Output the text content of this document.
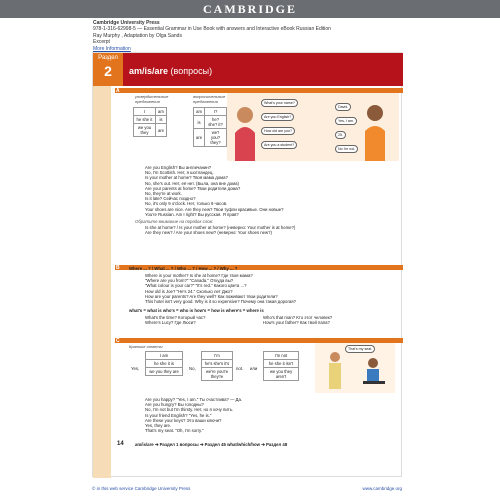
CAMBRIDGE
Cambridge University Press
978-1-316-62998-5 — Essential Grammar in Use Book with answers and Interactive eBook Russian Edition
Ray Murphy , Adaptation by Olga Sands
Excerpt
More Information
Раздел
2	am/is/are (вопросы)
A
утвердительные предложения
вопросительные предложения
I	am
he she it	is
we you they	are
am	I?
is	he? she? it?
are	we? you? they?
What's your name?
David.
Are you English?
Yes, I am.
How old are you?
25.
Are you a student?
No I'm not.
Are you English? Вы англичанин?
No, I'm Scottish. Нет, я шотландец.
Is your mother at home? Твоя мама дома?
No, she's out. Нет, её нет. (Была, она вне дома)
Are your parents at home? Твои родители дома?
No, they're at work.
Is it late? Сейчас поздно?
No, it's only 9 o'clock. Нет, только 9 часов.
Your shoes are nice. Are they new? Твои туфли красивые. Они новые?
You're Russian. Am I right? Вы русская. Я прав?
Обратите внимание на порядок слов:
Is she at home? / Is your mother at home? (неверно: Your mother is at home?)
Are they new? / Are your shoes new? (неверно: Your shoes new?)
B Where ... ? / What ... ? / Who ... ? / How ... ? / Why ... ?
Where is your mother? Is she at home? Где твоя мама?
"Where are you from?" "Canada." Откуда вы?
"What colour is your car?" "It's red." Какого цвета ...?
How old is Joe? "He's 24." Сколько лет Джо?
How are your parents? Are they well? Как поживают твои родители?
This hotel isn't very good. Why is it so expensive? Почему она такая дорогая?
what's = what is who's = who is how's = how is where's = where is
What's the time? Который час?
Where's Lucy? Где Люси?
Who's that man? Кто этот человек?
How's your father? Как твой папа?
C
Краткие ответы
Yes,
I am
he she it is
we you they are
No,
I'm
he's she's it's
we're you're they're
not. или
I'm not
he she it isn't
we you they aren't
That's my seat.
Are you happy? "Yes, I am." Ты счастлива? — Да.
Are you hungry? Вы голодны?
No, I'm not but I'm thirsty. Нет, но я хочу пить.
Is your friend English? "Yes, he is."
Are these your keys? Это ваши ключи?
Yes, they are.
That's my seat. "Oh, I'm sorry."
14	am/is/are ➔ Раздел 1 вопросы ➔ Раздел 45 what/which/how ➔ Раздел 48
© in this web service Cambridge University Press	www.cambridge.org
